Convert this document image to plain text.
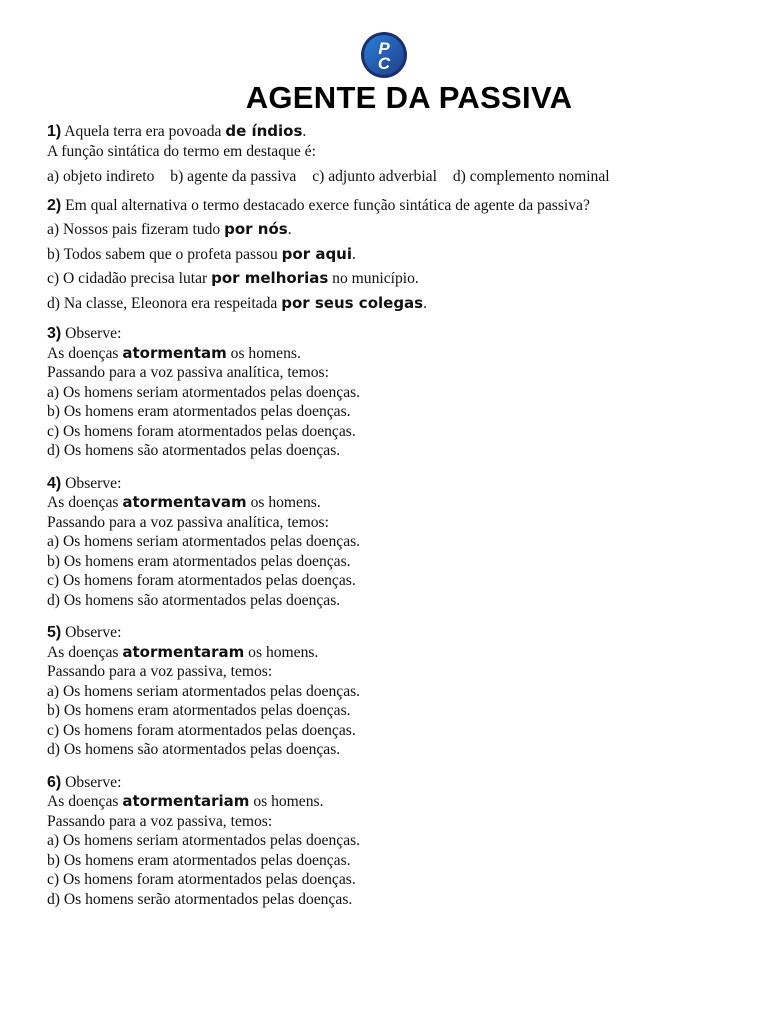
P
C
AGENTE DA PASSIVA
1) Aquela terra era povoada de índios.
A função sintática do termo em destaque é:
a) objeto indireto b) agente da passiva c) adjunto adverbial d) complemento nominal
2) Em qual alternativa o termo destacado exerce função sintática de agente da passiva?
a) Nossos pais fizeram tudo por nós.
b) Todos sabem que o profeta passou por aqui.
c) O cidadão precisa lutar por melhorias no município.
d) Na classe, Eleonora era respeitada por seus colegas.
3) Observe:
As doenças atormentam os homens.
Passando para a voz passiva analítica, temos:
a) Os homens seriam atormentados pelas doenças.
b) Os homens eram atormentados pelas doenças.
c) Os homens foram atormentados pelas doenças.
d) Os homens são atormentados pelas doenças.
4) Observe:
As doenças atormentavam os homens.
Passando para a voz passiva analítica, temos:
a) Os homens seriam atormentados pelas doenças.
b) Os homens eram atormentados pelas doenças.
c) Os homens foram atormentados pelas doenças.
d) Os homens são atormentados pelas doenças.
5) Observe:
As doenças atormentaram os homens.
Passando para a voz passiva, temos:
a) Os homens seriam atormentados pelas doenças.
b) Os homens eram atormentados pelas doenças.
c) Os homens foram atormentados pelas doenças.
d) Os homens são atormentados pelas doenças.
6) Observe:
As doenças atormentariam os homens.
Passando para a voz passiva, temos:
a) Os homens seriam atormentados pelas doenças.
b) Os homens eram atormentados pelas doenças.
c) Os homens foram atormentados pelas doenças.
d) Os homens serão atormentados pelas doenças.
